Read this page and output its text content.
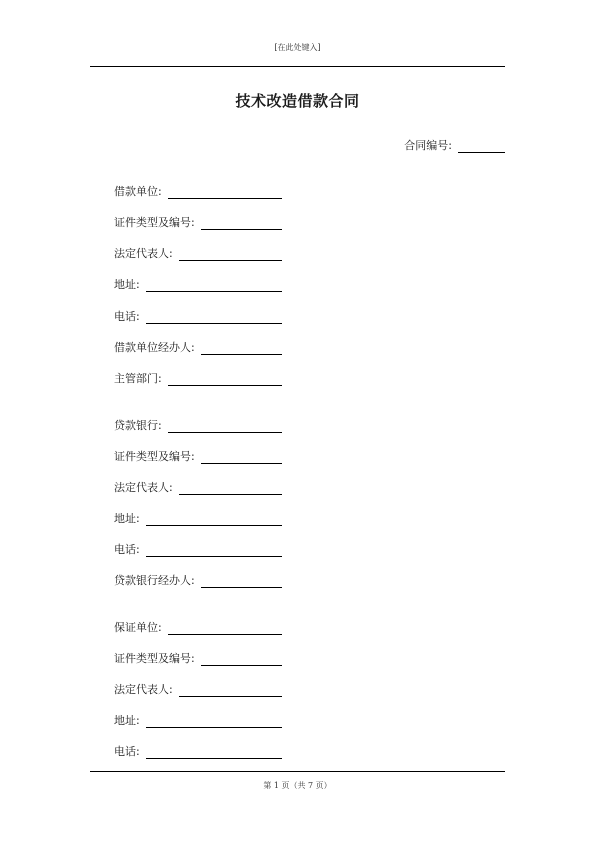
[在此处键入]
技术改造借款合同
合同编号:
借款单位:
证件类型及编号:
法定代表人:
地址:
电话:
借款单位经办人:
主管部门:
贷款银行:
证件类型及编号:
法定代表人:
地址:
电话:
贷款银行经办人:
保证单位:
证件类型及编号:
法定代表人:
地址:
电话:
第 1 页（共 7 页）
